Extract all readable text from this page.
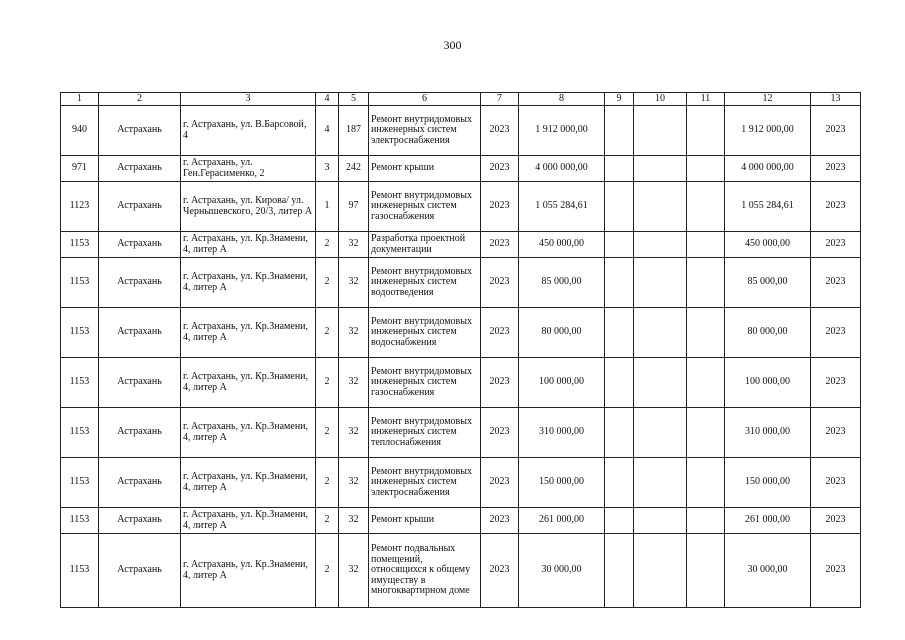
300
1	2	3	4	5	6	7	8	9	10	11	12	13
940	Астрахань	г. Астрахань, ул. В.Барсовой, 4	4	187	Ремонт внутридомовых инженерных систем электроснабжения	2023	1 912 000,00				1 912 000,00	2023
971	Астрахань	г. Астрахань, ул. Ген.Герасименко, 2	3	242	Ремонт крыши	2023	4 000 000,00				4 000 000,00	2023
1123	Астрахань	г. Астрахань, ул. Кирова/ ул. Чернышевского, 20/3, литер А	1	97	Ремонт внутридомовых инженерных систем газоснабжения	2023	1 055 284,61				1 055 284,61	2023
1153	Астрахань	г. Астрахань, ул. Кр.Знамени, 4, литер А	2	32	Разработка проектной документации	2023	450 000,00				450 000,00	2023
1153	Астрахань	г. Астрахань, ул. Кр.Знамени, 4, литер А	2	32	Ремонт внутридомовых инженерных систем водоотведения	2023	85 000,00				85 000,00	2023
1153	Астрахань	г. Астрахань, ул. Кр.Знамени, 4, литер А	2	32	Ремонт внутридомовых инженерных систем водоснабжения	2023	80 000,00				80 000,00	2023
1153	Астрахань	г. Астрахань, ул. Кр.Знамени, 4, литер А	2	32	Ремонт внутридомовых инженерных систем газоснабжения	2023	100 000,00				100 000,00	2023
1153	Астрахань	г. Астрахань, ул. Кр.Знамени, 4, литер А	2	32	Ремонт внутридомовых инженерных систем теплоснабжения	2023	310 000,00				310 000,00	2023
1153	Астрахань	г. Астрахань, ул. Кр.Знамени, 4, литер А	2	32	Ремонт внутридомовых инженерных систем электроснабжения	2023	150 000,00				150 000,00	2023
1153	Астрахань	г. Астрахань, ул. Кр.Знамени, 4, литер А	2	32	Ремонт крыши	2023	261 000,00				261 000,00	2023
1153	Астрахань	г. Астрахань, ул. Кр.Знамени, 4, литер А	2	32	Ремонт подвальных помещений, относящихся к общему имуществу в многоквартирном доме	2023	30 000,00				30 000,00	2023
